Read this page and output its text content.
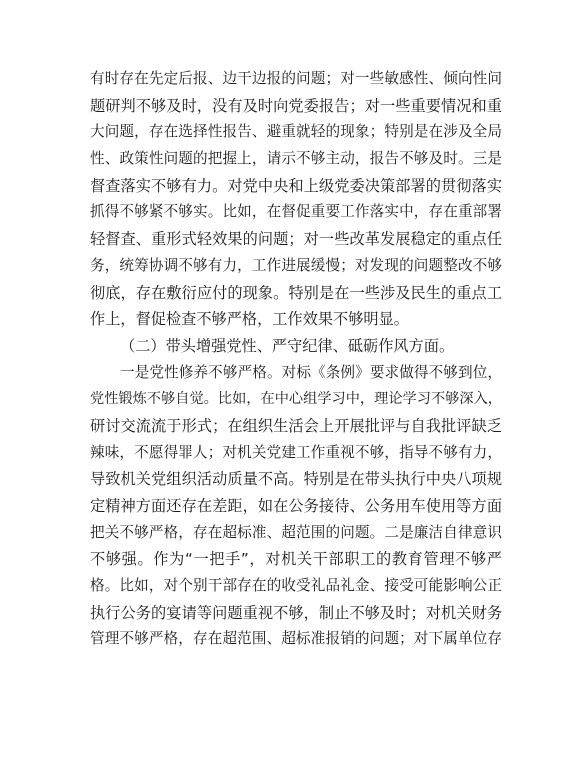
有时存在先定后报、边干边报的问题；对一些敏感性、倾向性问
题研判不够及时，没有及时向党委报告；对一些重要情况和重
大问题，存在选择性报告、避重就轻的现象；特别是在涉及全局
性、政策性问题的把握上，请示不够主动，报告不够及时。三是
督查落实不够有力。对党中央和上级党委决策部署的贯彻落实
抓得不够紧不够实。比如，在督促重要工作落实中，存在重部署
轻督查、重形式轻效果的问题；对一些改革发展稳定的重点任
务，统筹协调不够有力，工作进展缓慢；对发现的问题整改不够
彻底，存在敷衍应付的现象。特别是在一些涉及民生的重点工
作上，督促检查不够严格，工作效果不够明显。
（二）带头增强党性、严守纪律、砥砺作风方面。
一是党性修养不够严格。对标《条例》要求做得不够到位，
党性锻炼不够自觉。比如，在中心组学习中，理论学习不够深入，
研讨交流流于形式；在组织生活会上开展批评与自我批评缺乏
辣味，不愿得罪人；对机关党建工作重视不够，指导不够有力，
导致机关党组织活动质量不高。特别是在带头执行中央八项规
定精神方面还存在差距，如在公务接待、公务用车使用等方面
把关不够严格，存在超标准、超范围的问题。二是廉洁自律意识
不够强。作为“一把手”，对机关干部职工的教育管理不够严
格。比如，对个别干部存在的收受礼品礼金、接受可能影响公正
执行公务的宴请等问题重视不够，制止不够及时；对机关财务
管理不够严格，存在超范围、超标准报销的问题；对下属单位存
